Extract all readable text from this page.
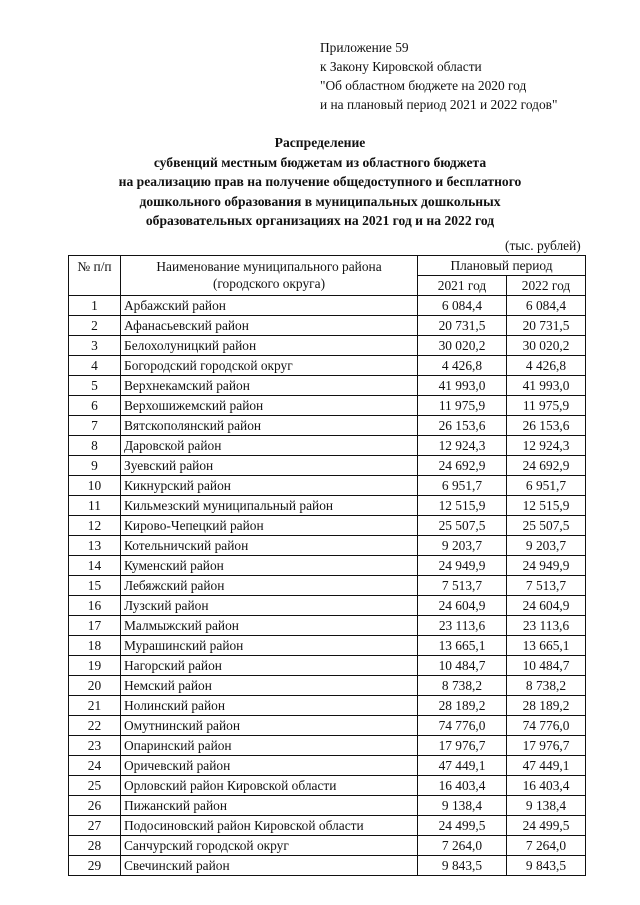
Приложение 59
к Закону Кировской области
"Об областном бюджете на 2020 год
и на плановый период 2021 и 2022 годов"
Распределение
субвенций местным бюджетам из областного бюджета
на реализацию прав на получение общедоступного и бесплатного
дошкольного образования в муниципальных дошкольных
образовательных организациях на 2021 год и на 2022 год
(тыс. рублей)
№ п/п	Наименование муниципального района
(городского округа)	Плановый период	
		2021 год	2022 год
1	Арбажский район	6 084,4	6 084,4
2	Афанасьевский район	20 731,5	20 731,5
3	Белохолуницкий район	30 020,2	30 020,2
4	Богородский городской округ	4 426,8	4 426,8
5	Верхнекамский район	41 993,0	41 993,0
6	Верхошижемский район	11 975,9	11 975,9
7	Вятскополянский район	26 153,6	26 153,6
8	Даровской район	12 924,3	12 924,3
9	Зуевский район	24 692,9	24 692,9
10	Кикнурский район	6 951,7	6 951,7
11	Кильмезский муниципальный район	12 515,9	12 515,9
12	Кирово-Чепецкий район	25 507,5	25 507,5
13	Котельничский район	9 203,7	9 203,7
14	Куменский район	24 949,9	24 949,9
15	Лебяжский район	7 513,7	7 513,7
16	Лузский район	24 604,9	24 604,9
17	Малмыжский район	23 113,6	23 113,6
18	Мурашинский район	13 665,1	13 665,1
19	Нагорский район	10 484,7	10 484,7
20	Немский район	8 738,2	8 738,2
21	Нолинский район	28 189,2	28 189,2
22	Омутнинский район	74 776,0	74 776,0
23	Опаринский район	17 976,7	17 976,7
24	Оричевский район	47 449,1	47 449,1
25	Орловский район Кировской области	16 403,4	16 403,4
26	Пижанский район	9 138,4	9 138,4
27	Подосиновский район Кировской области	24 499,5	24 499,5
28	Санчурский городской округ	7 264,0	7 264,0
29	Свечинский район	9 843,5	9 843,5
